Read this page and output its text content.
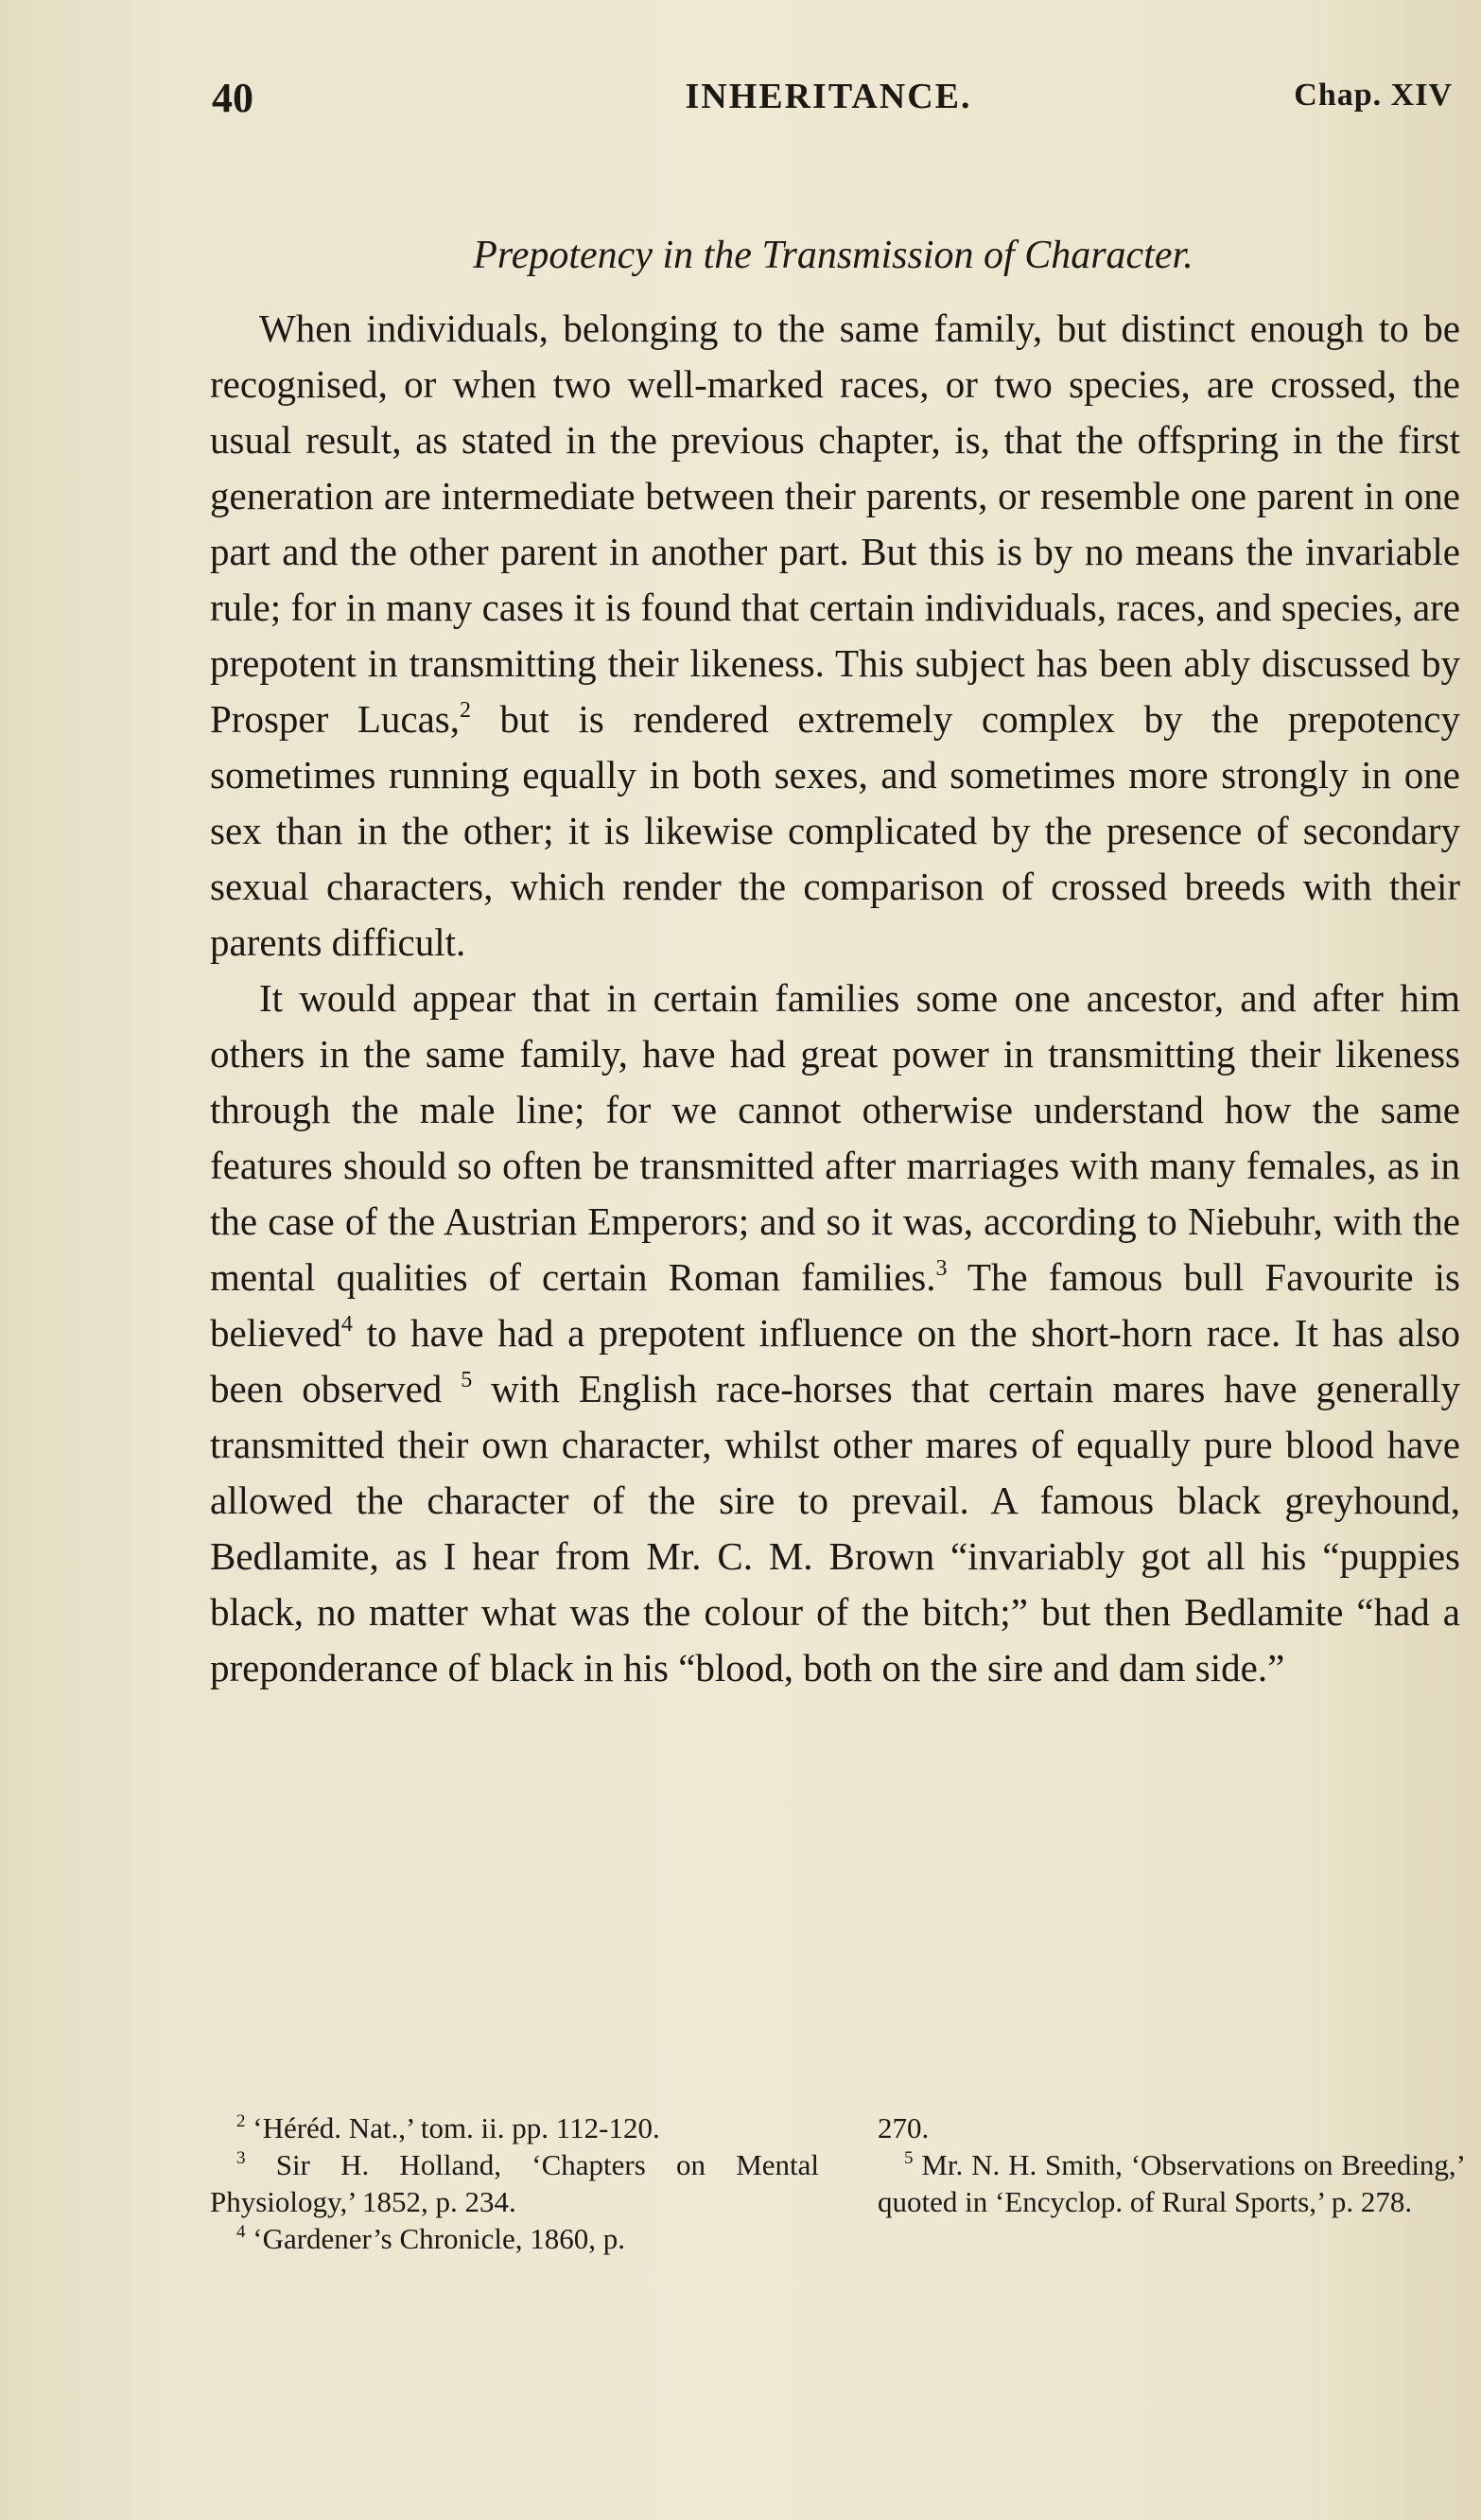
40	INHERITANCE.	Chap. XIV
Prepotency in the Transmission of Character.

When individuals, belonging to the same family, but distinct enough to be recognised, or when two well-marked races, or two species, are crossed, the usual result, as stated in the previous chapter, is, that the offspring in the first generation are intermediate between their parents, or resemble one parent in one part and the other parent in another part. But this is by no means the invariable rule; for in many cases it is found that certain individuals, races, and species, are prepotent in transmitting their likeness. This subject has been ably discussed by Prosper Lucas,$^2$ but is rendered extremely complex by the prepotency sometimes running equally in both sexes, and sometimes more strongly in one sex than in the other; it is likewise complicated by the presence of secondary sexual characters, which render the comparison of crossed breeds with their parents difficult.

It would appear that in certain families some one ancestor, and after him others in the same family, have had great power in transmitting their likeness through the male line; for we cannot otherwise understand how the same features should so often be transmitted after marriages with many females, as in the case of the Austrian Emperors; and so it was, according to Niebuhr, with the mental qualities of certain Roman families.$^3$ The famous bull Favourite is believed$^4$ to have had a prepotent influence on the short-horn race. It has also been observed $^5$ with English race-horses that certain mares have generally transmitted their own character, whilst other mares of equally pure blood have allowed the character of the sire to prevail. A famous black greyhound, Bedlamite, as I hear from Mr. C. M. Brown “invariably got all his “puppies black, no matter what was the colour of the bitch;” but then Bedlamite “had a preponderance of black in his “blood, both on the sire and dam side.”

$^2$ ‘Héréd. Nat.,’ tom. ii. pp. 112-120.

$^3$ Sir H. Holland, ‘Chapters on Mental Physiology,’ 1852, p. 234.

$^4$ ‘Gardener’s Chronicle, 1860, p.

270.

$^5$ Mr. N. H. Smith, ‘Observations on Breeding,’ quoted in ‘Encyclop. of Rural Sports,’ p. 278.
